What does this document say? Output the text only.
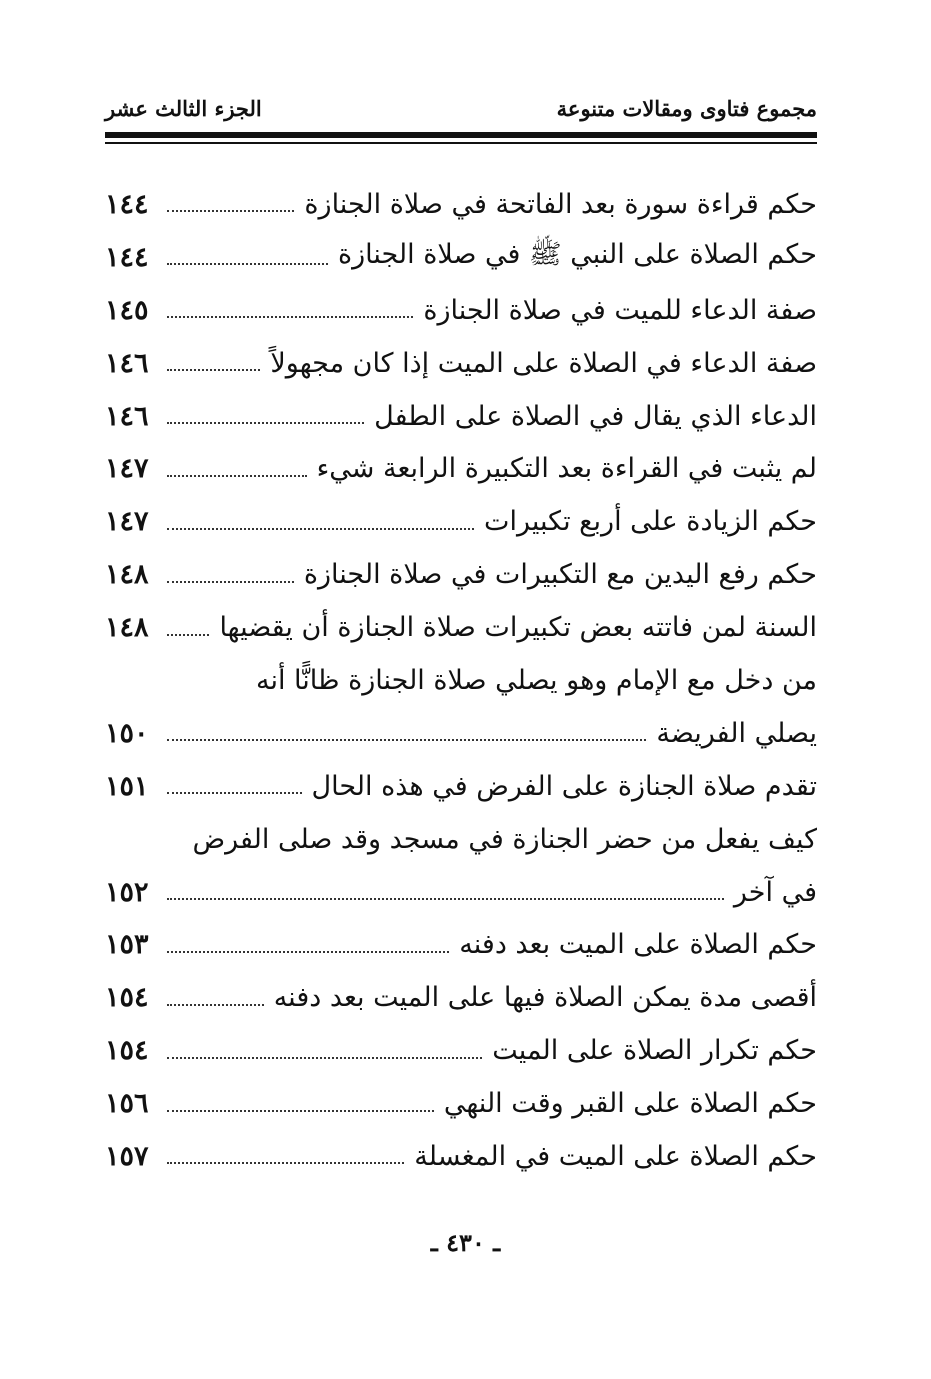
مجموع فتاوى ومقالات متنوعة
الجزء الثالث عشر
حكم قراءة سورة بعد الفاتحة في صلاة الجنازة
١٤٤
حكم الصلاة على النبي ﷺ في صلاة الجنازة
١٤٤
صفة الدعاء للميت في صلاة الجنازة
١٤٥
صفة الدعاء في الصلاة على الميت إذا كان مجهولاً
١٤٦
الدعاء الذي يقال في الصلاة على الطفل
١٤٦
لم يثبت في القراءة بعد التكبيرة الرابعة شيء
١٤٧
حكم الزيادة على أربع تكبيرات
١٤٧
حكم رفع اليدين مع التكبيرات في صلاة الجنازة
١٤٨
السنة لمن فاتته بعض تكبيرات صلاة الجنازة أن يقضيها
١٤٨
من دخل مع الإمام وهو يصلي صلاة الجنازة ظانًّا أنه
يصلي الفريضة
١٥٠
تقدم صلاة الجنازة على الفرض في هذه الحال
١٥١
كيف يفعل من حضر الجنازة في مسجد وقد صلى الفرض
في آخر
١٥٢
حكم الصلاة على الميت بعد دفنه
١٥٣
أقصى مدة يمكن الصلاة فيها على الميت بعد دفنه
١٥٤
حكم تكرار الصلاة على الميت
١٥٤
حكم الصلاة على القبر وقت النهي
١٥٦
حكم الصلاة على الميت في المغسلة
١٥٧
ـ ٤٣٠ ـ
